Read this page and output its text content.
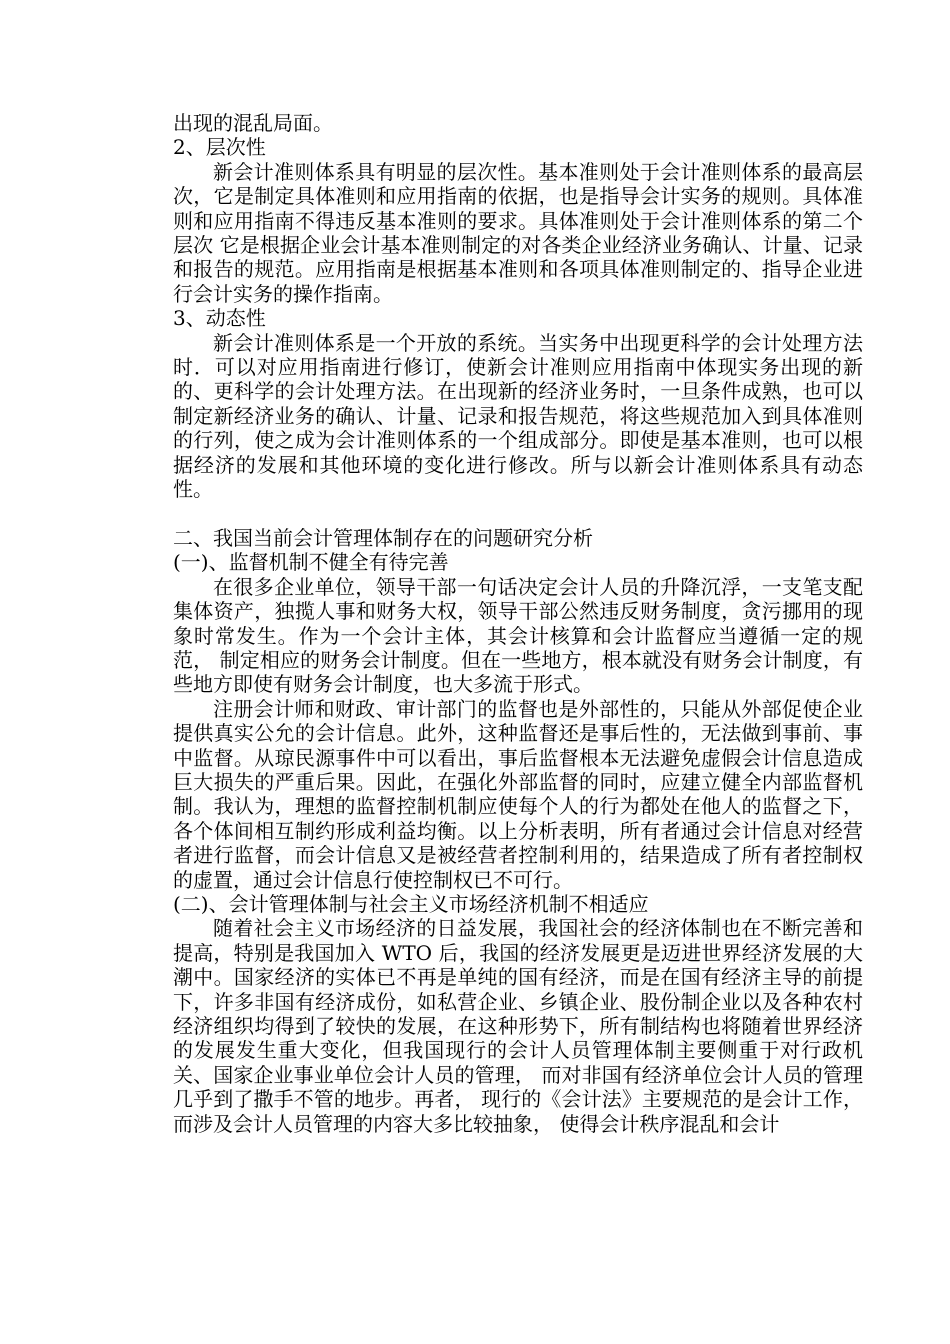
出现的混乱局面。

2、层次性

新会计准则体系具有明显的层次性。基本准则处于会计准则体系的最高层次，它是制定具体准则和应用指南的依据，也是指导会计实务的规则。具体准则和应用指南不得违反基本准则的要求。具体准则处于会计准则体系的第二个层次 它是根据企业会计基本准则制定的对各类企业经济业务确认、计量、记录和报告的规范。应用指南是根据基本准则和各项具体准则制定的、指导企业进行会计实务的操作指南。

3、动态性

新会计准则体系是一个开放的系统。当实务中出现更科学的会计处理方法时．可以对应用指南进行修订，使新会计准则应用指南中体现实务出现的新的、更科学的会计处理方法。在出现新的经济业务时，一旦条件成熟，也可以制定新经济业务的确认、计量、记录和报告规范，将这些规范加入到具体准则的行列，使之成为会计准则体系的一个组成部分。即使是基本准则，也可以根据经济的发展和其他环境的变化进行修改。所与以新会计准则体系具有动态性。

二、我国当前会计管理体制存在的问题研究分析

(一)、监督机制不健全有待完善

在很多企业单位，领导干部一句话决定会计人员的升降沉浮，一支笔支配集体资产，独揽人事和财务大权，领导干部公然违反财务制度，贪污挪用的现象时常发生。作为一个会计主体，其会计核算和会计监督应当遵循一定的规范， 制定相应的财务会计制度。但在一些地方，根本就没有财务会计制度，有些地方即使有财务会计制度，也大多流于形式。

注册会计师和财政、审计部门的监督也是外部性的，只能从外部促使企业提供真实公允的会计信息。此外，这种监督还是事后性的，无法做到事前、事中监督。从琼民源事件中可以看出，事后监督根本无法避免虚假会计信息造成巨大损失的严重后果。因此，在强化外部监督的同时，应建立健全内部监督机制。我认为，理想的监督控制机制应使每个人的行为都处在他人的监督之下，各个体间相互制约形成利益均衡。以上分析表明，所有者通过会计信息对经营者进行监督，而会计信息又是被经营者控制利用的，结果造成了所有者控制权的虚置，通过会计信息行使控制权已不可行。

(二)、会计管理体制与社会主义市场经济机制不相适应

随着社会主义市场经济的日益发展，我国社会的经济体制也在不断完善和提高，特别是我国加入 WTO 后，我国的经济发展更是迈进世界经济发展的大潮中。国家经济的实体已不再是单纯的国有经济，而是在国有经济主导的前提下，许多非国有经济成份，如私营企业、乡镇企业、股份制企业以及各种农村经济组织均得到了较快的发展，在这种形势下，所有制结构也将随着世界经济的发展发生重大变化，但我国现行的会计人员管理体制主要侧重于对行政机关、国家企业事业单位会计人员的管理， 而对非国有经济单位会计人员的管理几乎到了撒手不管的地步。再者， 现行的《会计法》主要规范的是会计工作，而涉及会计人员管理的内容大多比较抽象， 使得会计秩序混乱和会计
